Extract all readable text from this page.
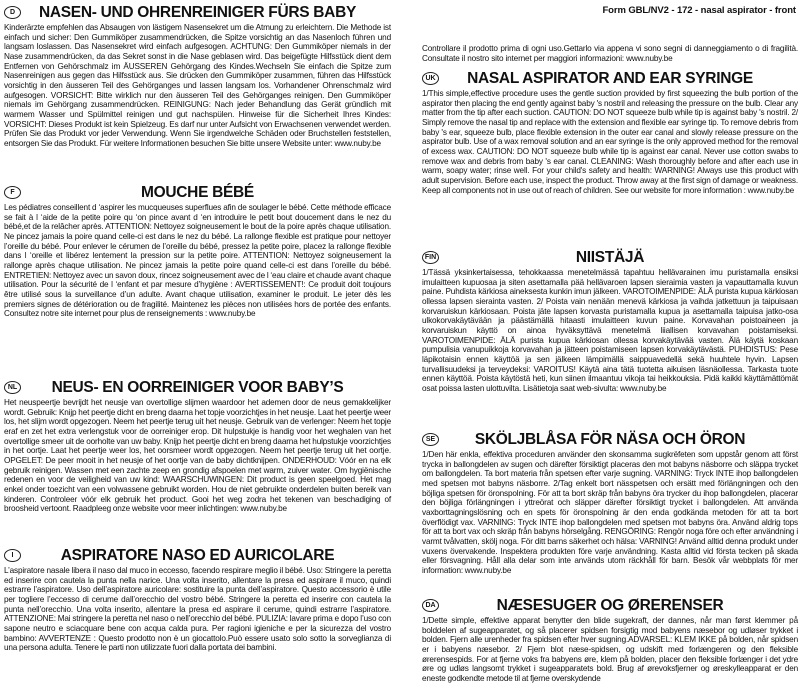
D	NASEN- UND OHRENREINIGER FÜRS BABY
Kinderärzte empfehlen das Absaugen von lästigem Nasensekret um die Atmung zu erleichtern. Die Methode ist einfach und sicher: Den Gummiköper zusammendrücken, die Spitze vorsichtig an das Nasenloch führen und langsam loslassen. Das Nasensekret wird einfach aufgesogen. ACHTUNG: Den Gummiköper niemals in der Nase zusammendrücken, da das Sekret sonst in die Nase geblasen wird. Das beigefügte Hilfsstück dient dem Entfernen von Gehörschmalz im ÄUSSEREN Gehörgang des Kindes.Wechseln Sie einfach die Spitze zum Nasenreinigen aus gegen das Hilfsstück aus. Sie drücken den Gummiköper zusammen, führen das Hilfsstück vorsichtig in den äusseren Teil des Gehörganges und lassen langsam los. Vorhandener Ohrenschmalz wird aufgesogen. VORSICHT: Bitte wirklich nur den äusseren Teil des Gehörganges reinigen. Den Gummiköper niemals im Gehörgang zusammendrücken. REINIGUNG: Nach jeder Behandlung das Gerät gründlich mit warmem Wasser und Spülmittel reinigen und gut nachspülen. Hinweise für die Sicherheit Ihres Kindes: VORSICHT: Dieses Produkt ist kein Spielzeug. Es darf nur unter Aufsicht von Erwachsenen verwendet werden. Prüfen Sie das Produkt vor jeder Verwendung. Wenn Sie irgendwelche Schäden oder Bruchstellen feststellen, entsorgen Sie das Produkt. Für weitere Informationen besuchen Sie bitte unsere Website unter: www.nuby.be
F	MOUCHE BÉBÉ
Les pédiatres conseillent d ‘aspirer les mucqueuses superflues afin de soulager le bébé. Cette méthode efficace se fait à l ‘aide de la petite poire qu ‘on pince avant d ‘en introduire le petit bout doucement dans le nez du bébé,et de la relâcher après. ATTENTION: Nettoyez soigneusement le bout de la poire après chaque utilisation. Ne pincez jamais la poire quand celle-ci est dans le nez du bébé. La rallonge flexible est pratique pour nettoyer l’oreille du bébé. Pour enlever le cérumen de l’oreille du bébé, pressez la petite poire, placez la rallonge flexible dans l ‘oreille et libérez lentement la pression sur la petite poire. ATTENTION: Nettoyez soigneusement la rallonge après chaque utilisation. Ne pincez jamais la petite poire quand celle-ci est dans l’oreille du bébé. ENTRETIEN: Nettoyez avec un savon doux, rincez soigneusement avec de l ‘eau claire et chaude avant chaque utilisation. Pour la sécurité de l ‘enfant et par mesure d’hygiène : AVERTISSEMENT!: Ce produit doit toujours être utilisé sous la surveillance d’un adulte. Avant chaque utilisation, examiner le produit. Le jeter dès les premiers signes de détérioration ou de fragilité. Maintenez les pièces non utilisées hors de portée des enfants. Consultez notre site internet pour plus de renseignements : www.nuby.be
NL	NEUS- EN OORREINIGER VOOR BABY’S
Het neuspeertje bevrijdt het neusje van overtollige slijmen waardoor het ademen door de neus gemakkelijker wordt. Gebruik: Knijp het peertje dicht en breng daarna het topje voorzichtjes in het neusje. Laat het peertje weer los, het slijm wordt opgezogen. Neem het peertje terug uit het neusje. Gebruik van de verlenger: Neem het topje eraf en zet het extra verlengstuk voor de oorreiniger erop. Dit hulpstukje is handig voor het weghalen van het overtollige smeer uit de oorholte van uw baby. Knijp het peertje dicht en breng daarna het hulpstukje voorzichtjes in het oortje. Laat het peertje weer los, het oorsmeer wordt opgezogen. Neem het peertje terug uit het oortje. OPGELET: De peer mooit in het neusje of het oortje van de baby dichtknijpen. ONDERHOUD: Vóór en na elk gebruik reinigen. Wassen met een zachte zeep en grondig afspoelen met warm, zuiver water. Om hygiënische redenen en voor de veiligheid van uw kind: WAARSCHUWINGEN: Dit product is geen speelgoed. Het mag enkel onder toezicht van een volwassene gebruikt worden. Hou de niet gebruikte onderdelen buiten bereik van kinderen. Controleer vóór elk gebruik het product. Gooi het weg zodra het tekenen van beschadiging of broosheid vertoont. Raadpleeg onze website voor meer inlichtingen: www.nuby.be
I	ASPIRATORE NASO ED AURICOLARE
L’aspiratore nasale libera il naso dal muco in eccesso, facendo respirare meglio il bébé. Uso: Stringere la peretta ed inserire con cautela la punta nella narice. Una volta inserito, allentare la presa ed aspirare il muco, quindi estrarre l’aspiratore. Uso dell’aspiratore auricolare: sostituire la punta dell’aspiratore. Questo accessorio è utile per togliere l’eccesso di cerume dall’orecchio del vostro bébé. Stringere la peretta ed inserire con cautela la punta nell’orecchio. Una volta inserito, allentare la presa ed aspirare il cerume, quindi estrarre l’aspiratore. ATTENZIONE: Mai stringere la peretta nel naso o nell’orecchio del bébé. PULIZIA: lavare prima e dopo l’uso con sapone neutro e sciacquare bene con acqua calda pura. Per ragioni igieniche e per la sicurezza del vostro bambino: AVVERTENZE : Questo prodotto non è un giocattolo.Può essere usato solo sotto la sorveglianza di una persona adulta. Tenere le parti non utilizzate fuori dalla portata dei bambini.
Form GBL/NV2 - 172 - nasal aspirator - front
Controllare il prodotto prima di ogni uso.Gettarlo via appena vi sono segni di danneggiamento o di fragilità. Consultate il nostro sito internet per maggiori informazioni: www.nuby.be
UK	NASAL ASPIRATOR AND EAR SYRINGE
1/This simple,effective procedure uses the gentle suction provided by first squeezing the bulb portion of the aspirator then placing the end gently against baby 's nostril and releasing the pressure on the bulb. Clear any matter from the tip after each suction. CAUTION: DO NOT squeeze bulb while tip is against baby 's nostril. 2/ Simply remove the nasal tip and replace with the extension and flexible ear syringe tip. To remove debris from baby 's ear, squeeze bulb, place flexible extension in the outer ear canal and slowly release pressure on the aspirator bulb. Use of a wax removal solution and an ear syringe is the only approved method for the removal of excess wax. CAUTION: DO NOT squeeze bulb while tip is against ear canal. Never use cotton swabs to remove wax and debris from baby 's ear canal. CLEANING: Wash thoroughly before and after each use in warm, soapy water; rinse well. For your child's safety and health: WARNING! Always use this product with adult supervision. Before each use, inspect the product. Throw away at the first sign of damage or weakness. Keep all components not in use out of reach of children. See our website for more information : www.nuby.be
FIN	NIISTÄJÄ
1/Tässä yksinkertaisessa, tehokkaassa menetelmässä tapahtuu hellävarainen imu puristamalla ensiksi imulaitteen kupuosaa ja siten asettamalla pää hellävaroen lapsen sieraimia vasten ja vapauttamalla kuvun paine. Puhdista kärkiosa aineksesta kunkin imun jälkeen. VAROTOIMENPIDE: ÄLÄ purista kupua kärkiosan ollessa lapsen sieraintа vasten. 2/ Poista vain nenään menevä kärkiosa ja vaihda jatkettuun ja taipuisaan korvaruiskun kärkiosaan. Poista jäte lapsen korvasta puristamalla kupua ja asettamalla taipuisa jatko-osa ulkokorvakäytävään ja päästämällä hitaasti imulaitteen kuvun paine. Korvavahan poistoaineen ja korvaruiskun käyttö on ainoa hyväksyttävä menetelmä liiallisen korvavahan poistamiseksi. VAROTOIMENPIDE: ÄLÄ purista kupua kärkiosan ollessa korvakäytävää vasten. Älä käytä koskaan pumpulisia vanupuikkoja korvavahan ja jätteen poistamiseen lapsen korvakäytävästä. PUHDISTUS: Pese läpikotaisin ennen käyttöä ja sen jälkeen lämpimällä saippuavedellä sekä huuhtele hyvin. Lapsen turvallisuudeksi ja terveydeksi: VAROITUS! Käytä aina tätä tuotetta aikuisen läsnäollessa. Tarkasta tuote ennen käyttöä. Poista käytöstä heti, kun siinen ilmaantuu vikoja tai heikkouksia. Pidä kaikki käyttämättömät osat poissa lasten ulottuvilta. Lisätietoja saat web-sivulta: www.nuby.be
SE	SKÖLJBLÅSA FÖR NÄSA OCH ÖRON
1/Den här enkla, effektiva proceduren använder den skonsamma sugkrёfeten som uppstår genom att först trycka in ballongdelen av sugen och därefter försiktigt placeras den mot babyns näsborre och släppa trycket om ballongdelen. Ta bort materia från spetsen efter varje sugning. VARNING: Tryck INTE ihop ballongdelen med spetsen mot babyns näsborre. 2/Tag enkelt bort nässpetsen och ersätt med förlängningen och den böjliga spetsen för öronspolning. För att ta bort skräp från babyns öra trycker du ihop ballongdelen, placerar den böjliga förlängningen i yttreörat och släpper därefter försiktigt trycket i ballongdelen. Att använda vaxborttagningslösning och en spets för öronspolning är den enda godkända metoden för att ta bort överflödigt vax. VARNING: Tryck INTE ihop ballongdelen med spetsen mot babyns öra. Använd aldrig tops för att ta bort vax och skräp från babyns hörselgång. RENGÖRING: Rengör noga före och efter användning i varmt tvålvatten, skölj noga. För ditt barns säkerhet och hälsa: VARNING! Använd alltid denna produkt under vuxens övervakende. Inspektera produkten före varje användning. Kasta alltid vid första tecken på skada eller försvagning. Håll alla delar som inte används utom räckhåll för barn. Besök vår webbplats för mer information: www.nuby.be
DA	NÆSESUGER OG ØRERENSER
1/Dette simple, effektive apparat benytter den blide sugekraft, der dannes, når man først klemmer på bolddelen af sugeapparatet, og så placerer spidsen forsigtig mod babyens næsebor og udløser trykket i bolden. Fjern alle urenheder fra spidsen efter hver sugning.ADVARSEL: KLEM IKKE på bolden, når spidsen er i babyens næsebor. 2/ Fjern blot næse-spidsen, og udskift med forlængeren og den fleksible ørerensespids. For at fjerne voks fra babyens øre, klem på bolden, placer den fleksible forlænger i det ydre øre og udløs langsomt trykket i sugeapparatets bold. Brug af ørevoksfjerner og øreskylleapparat er den eneste godkendte metode til at fjerne overskydende
